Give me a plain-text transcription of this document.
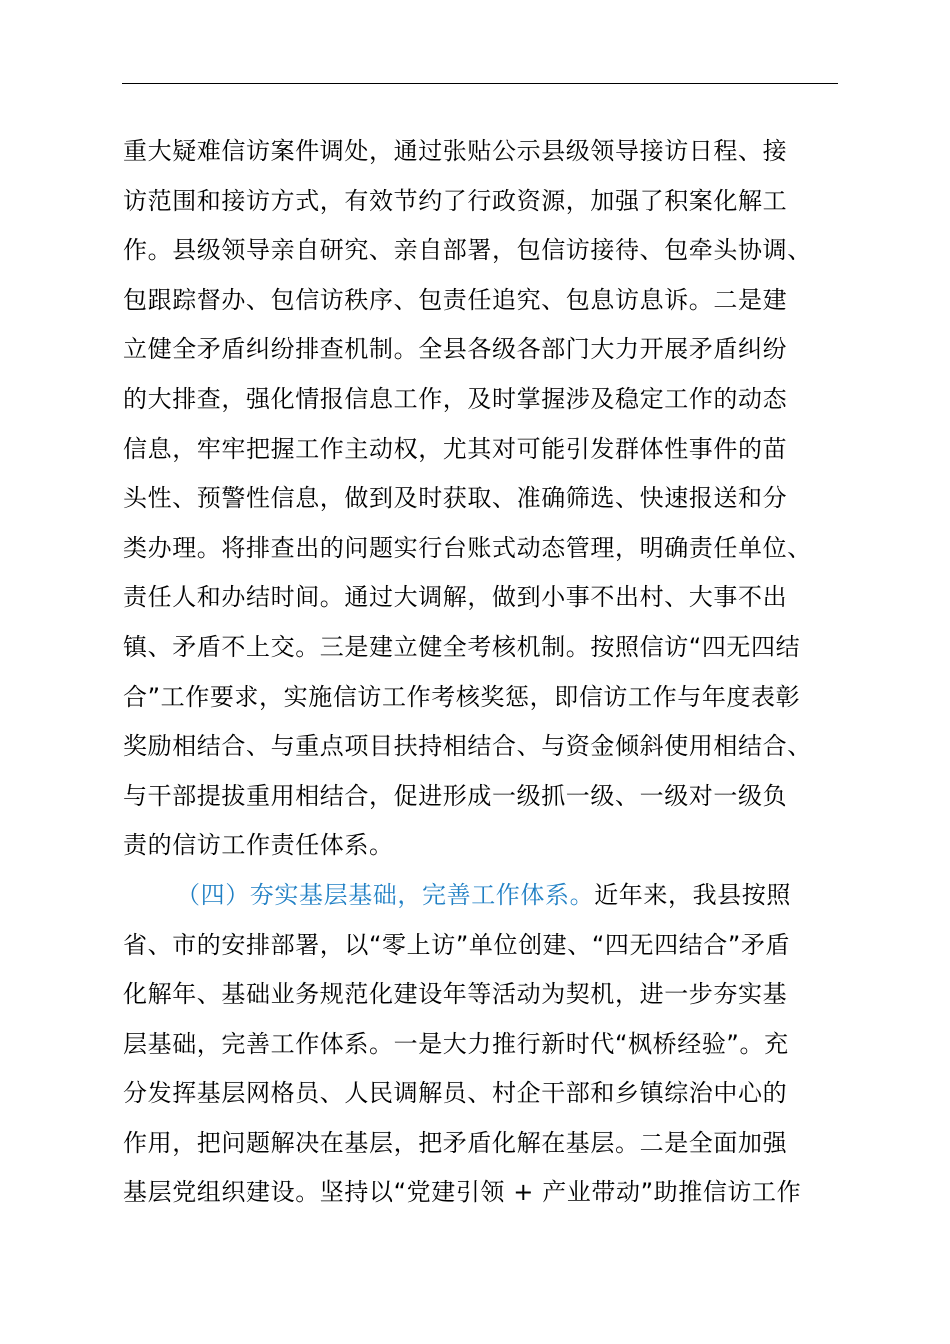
重大疑难信访案件调处，通过张贴公示县级领导接访日程、接
访范围和接访方式，有效节约了行政资源，加强了积案化解工
作。县级领导亲自研究、亲自部署，包信访接待、包牵头协调、
包跟踪督办、包信访秩序、包责任追究、包息访息诉。二是建
立健全矛盾纠纷排查机制。全县各级各部门大力开展矛盾纠纷
的大排查，强化情报信息工作，及时掌握涉及稳定工作的动态
信息，牢牢把握工作主动权，尤其对可能引发群体性事件的苗
头性、预警性信息，做到及时获取、准确筛选、快速报送和分
类办理。将排查出的问题实行台账式动态管理，明确责任单位、
责任人和办结时间。通过大调解，做到小事不出村、大事不出
镇、矛盾不上交。三是建立健全考核机制。按照信访“四无四结
合”工作要求，实施信访工作考核奖惩，即信访工作与年度表彰
奖励相结合、与重点项目扶持相结合、与资金倾斜使用相结合、
与干部提拔重用相结合，促进形成一级抓一级、一级对一级负
责的信访工作责任体系。
（四）夯实基层基础，完善工作体系。近年来，我县按照
省、市的安排部署，以“零上访”单位创建、“四无四结合”矛盾
化解年、基础业务规范化建设年等活动为契机，进一步夯实基
层基础，完善工作体系。一是大力推行新时代“枫桥经验”。充
分发挥基层网格员、人民调解员、村企干部和乡镇综治中心的
作用，把问题解决在基层，把矛盾化解在基层。二是全面加强
基层党组织建设。坚持以“党建引领 + 产业带动”助推信访工作
